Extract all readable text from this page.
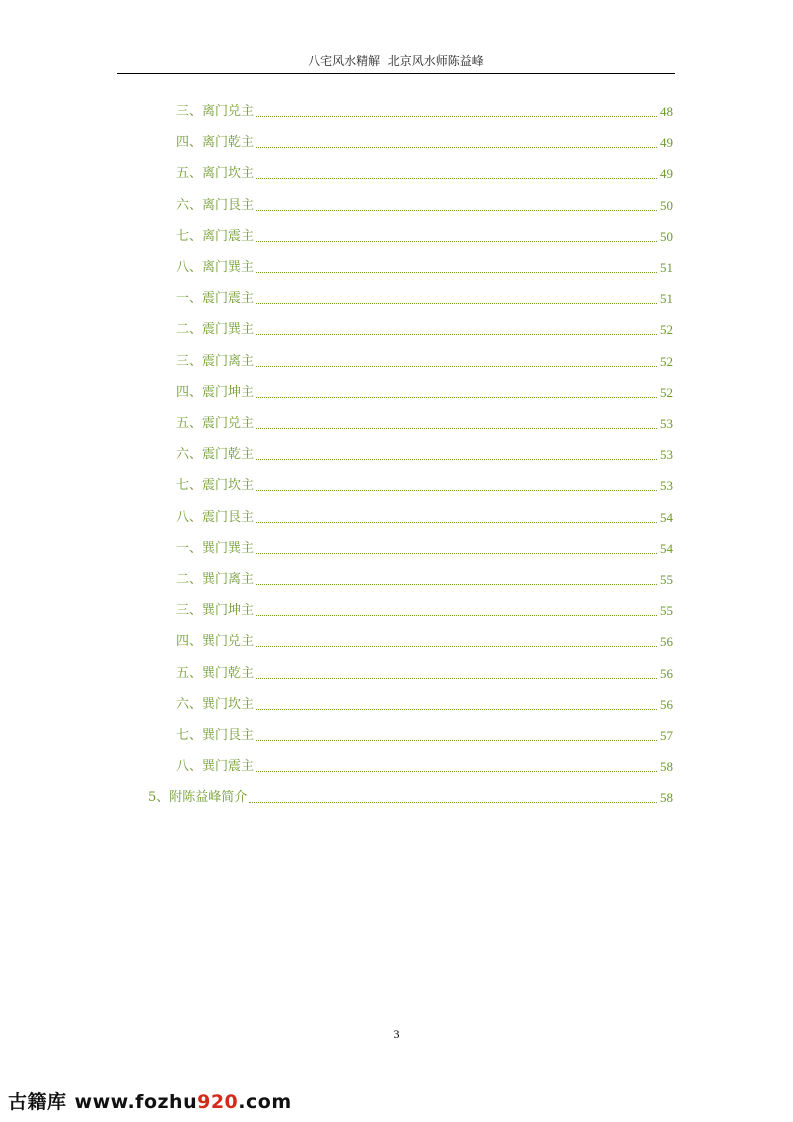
八宅风水精解  北京风水师陈益峰
三、离门兑主	48
四、离门乾主	49
五、离门坎主	49
六、离门艮主	50
七、离门震主	50
八、离门巽主	51
一、震门震主	51
二、震门巽主	52
三、震门离主	52
四、震门坤主	52
五、震门兑主	53
六、震门乾主	53
七、震门坎主	53
八、震门艮主	54
一、巽门巽主	54
二、巽门离主	55
三、巽门坤主	55
四、巽门兑主	56
五、巽门乾主	56
六、巽门坎主	56
七、巽门艮主	57
八、巽门震主	58
5、附陈益峰简介	58
3
古籍库 www.fozhu920.com
